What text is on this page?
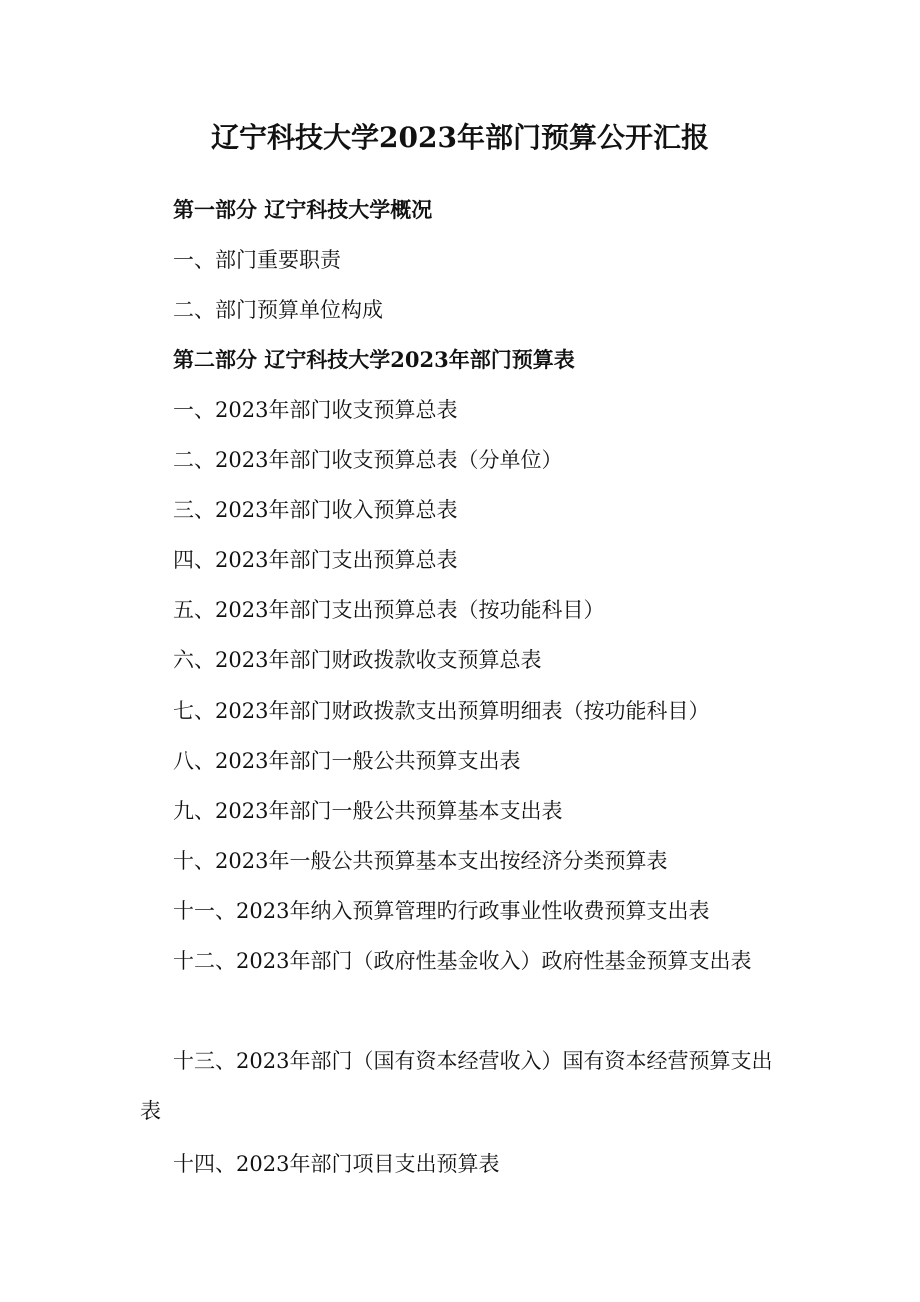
辽宁科技大学2023年部门预算公开汇报
第一部分 辽宁科技大学概况
一、部门重要职责
二、部门预算单位构成
第二部分 辽宁科技大学2023年部门预算表
一、2023年部门收支预算总表
二、2023年部门收支预算总表（分单位）
三、2023年部门收入预算总表
四、2023年部门支出预算总表
五、2023年部门支出预算总表（按功能科目）
六、2023年部门财政拨款收支预算总表
七、2023年部门财政拨款支出预算明细表（按功能科目）
八、2023年部门一般公共预算支出表
九、2023年部门一般公共预算基本支出表
十、2023年一般公共预算基本支出按经济分类预算表
十一、2023年纳入预算管理旳行政事业性收费预算支出表
十二、2023年部门（政府性基金收入）政府性基金预算支出表
十三、2023年部门（国有资本经营收入）国有资本经营预算支出表
十四、2023年部门项目支出预算表
